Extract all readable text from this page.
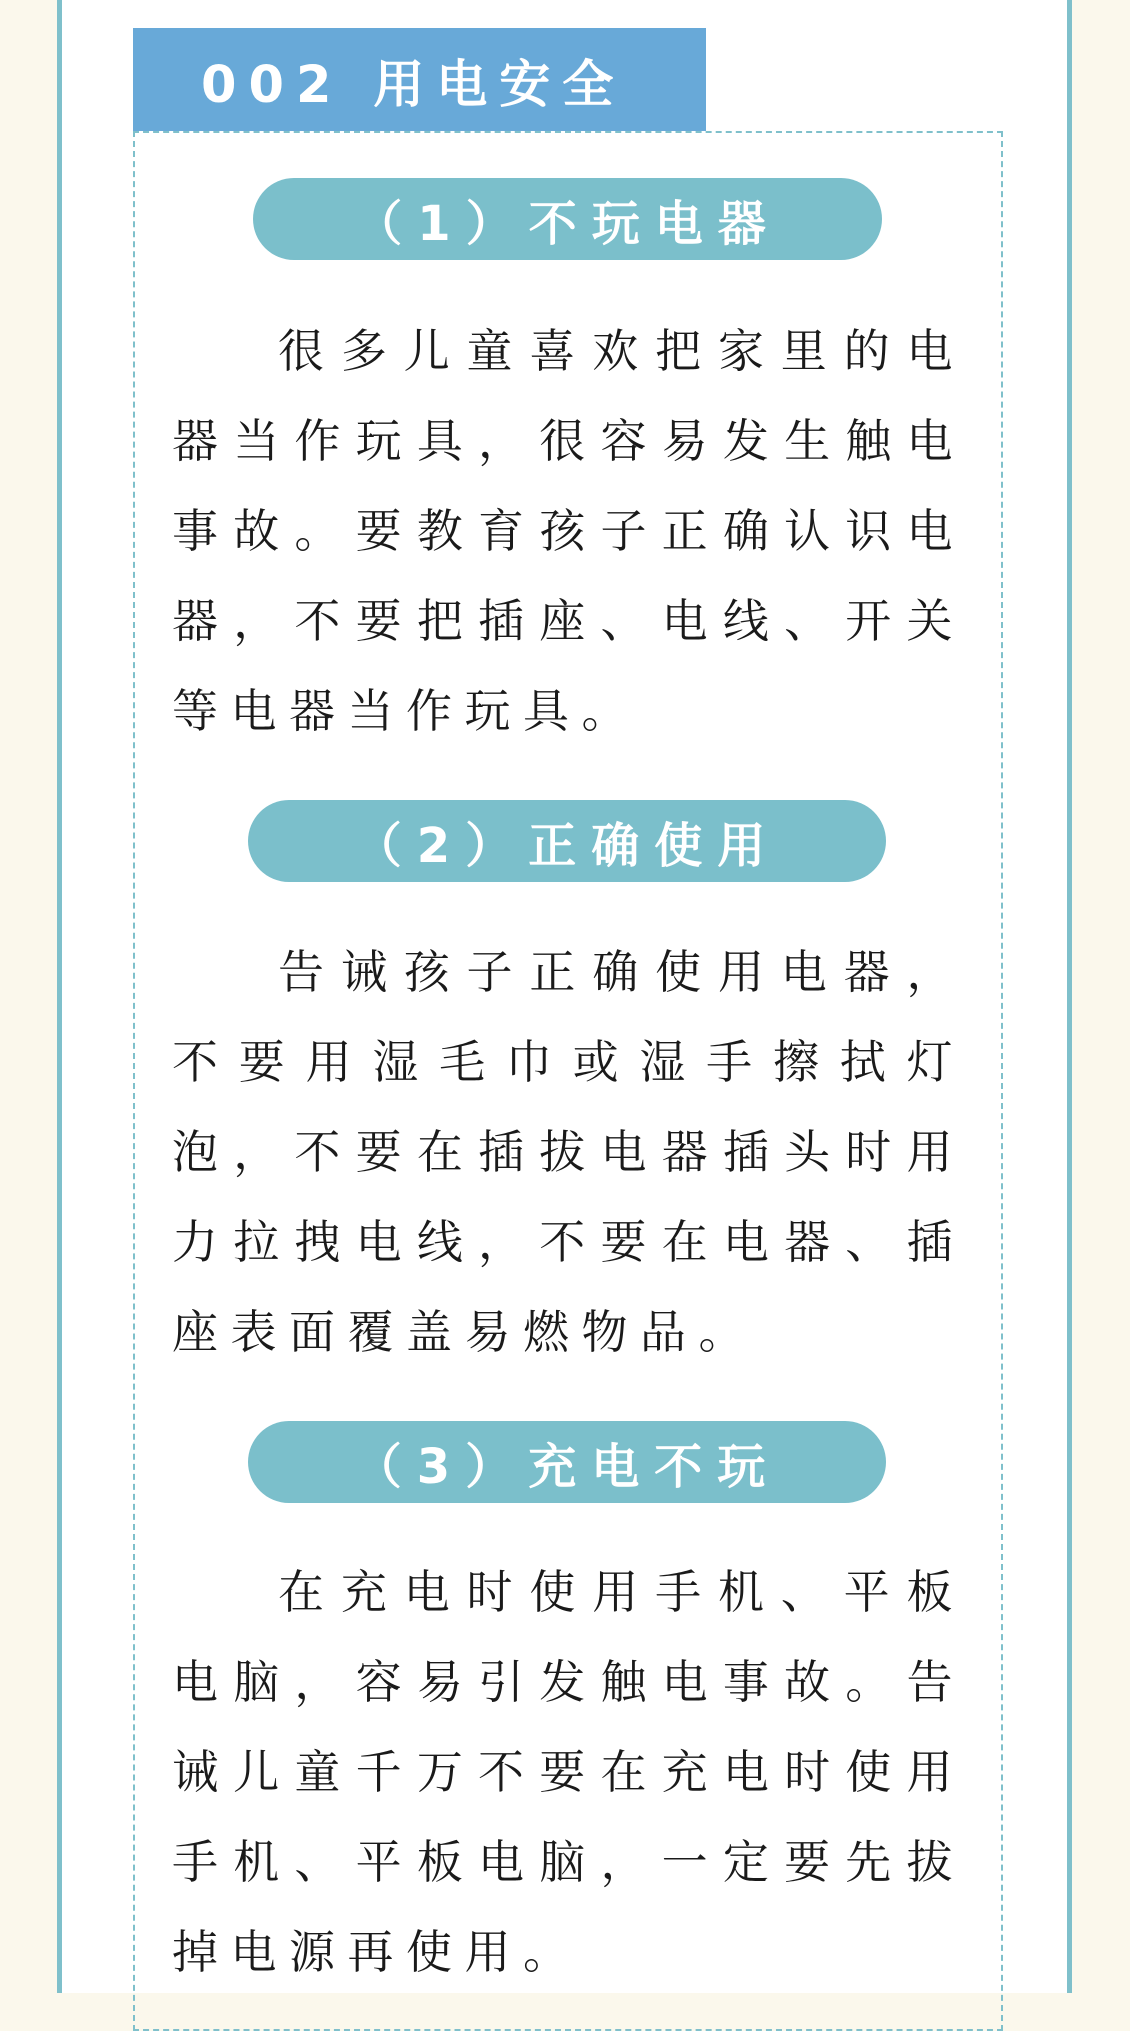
002 用电安全
（1）不玩电器

很多儿童喜欢把家里的电器当作玩具，很容易发生触电事故。要教育孩子正确认识电器，不要把插座、电线、开关等电器当作玩具。

（2）正确使用

告诫孩子正确使用电器，不要用湿毛巾或湿手擦拭灯泡，不要在插拔电器插头时用力拉拽电线，不要在电器、插座表面覆盖易燃物品。

（3）充电不玩

在充电时使用手机、平板电脑，容易引发触电事故。告诫儿童千万不要在充电时使用手机、平板电脑，一定要先拔掉电源再使用。
